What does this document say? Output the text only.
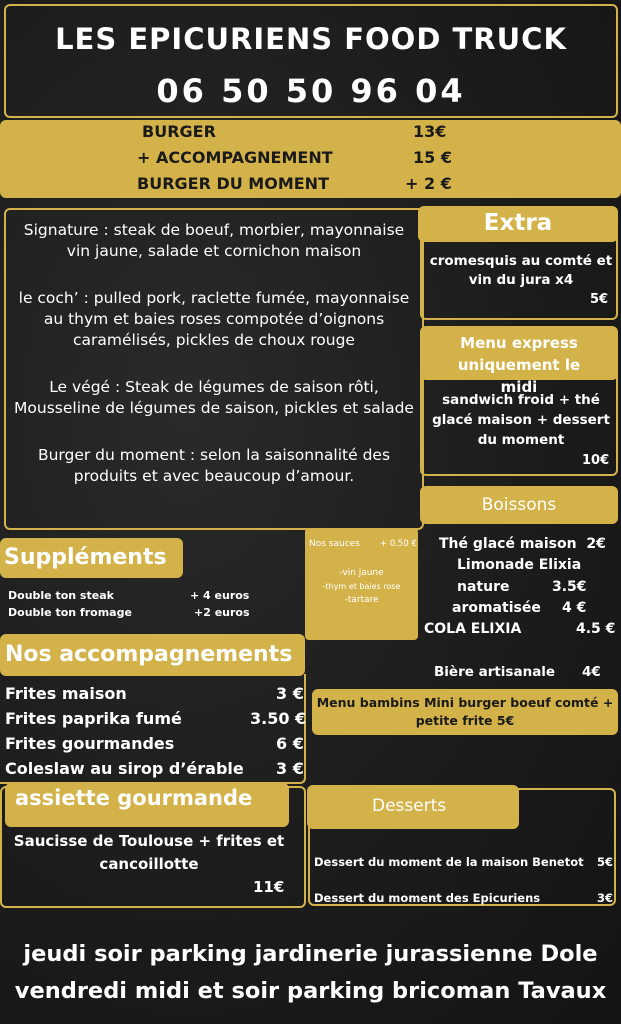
LES EPICURIENS FOOD TRUCK
06 50 50 96 04
BURGER	13€
+ ACCOMPAGNEMENT	15 €
BURGER DU MOMENT	+ 2 €
Signature : steak de boeuf, morbier, mayonnaise vin jaune, salade et cornichon maison
le coch’ : pulled pork, raclette fumée, mayonnaise au thym et baies roses compotée d’oignons caramélisés, pickles de choux rouge
Le végé : Steak de légumes de saison rôti, Mousseline de légumes de saison, pickles et salade
Burger du moment : selon la saisonnalité des produits et avec beaucoup d’amour.
Extra
cromesquis au comté et vin du jura x4
5€
Menu express uniquement le midi
sandwich froid + thé glacé maison + dessert du moment
10€
Boissons
Thé glacé maison 2€
Limonade Elixia
nature	3.5€
aromatisée 4 €
COLA ELIXIA	4.5 €
Bière artisanale 4€
Suppléments
Double ton steak	+ 4 euros
Double ton fromage	+2 euros
Nos sauces + 0.50 €
-vin jaune
-thym et baies rose
-tartare
Nos accompagnements
Frites maison	3 €
Frites paprika fumé	3.50 €
Frites gourmandes	6 €
Coleslaw au sirop d’érable 3 €
Menu bambins Mini burger boeuf comté + petite frite 5€
assiette gourmande
Saucisse de Toulouse + frites et cancoillotte
11€
Desserts
Dessert du moment de la maison Benetot 5€
Dessert du moment des Epicuriens	3€
jeudi soir parking jardinerie jurassienne Dole
vendredi midi et soir parking bricoman Tavaux
